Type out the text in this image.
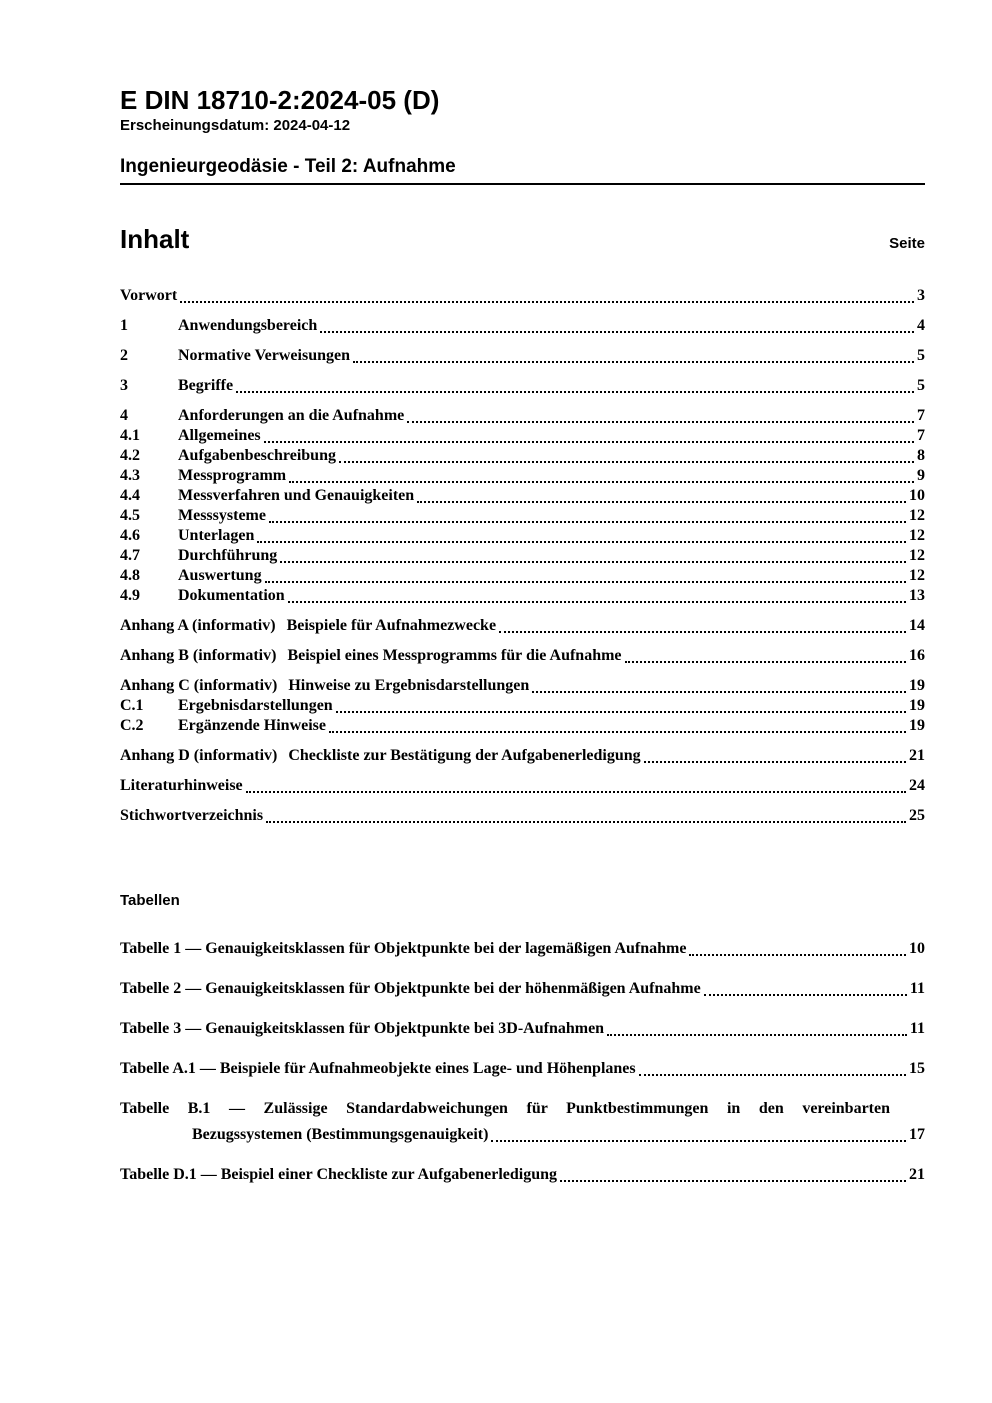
E DIN 18710-2:2024-05 (D)
Erscheinungsdatum: 2024-04-12
Ingenieurgeodäsie - Teil 2: Aufnahme
Inhalt	Seite
Vorwort	3
1	Anwendungsbereich	4
2	Normative Verweisungen	5
3	Begriffe	5
4	Anforderungen an die Aufnahme	7
4.1	Allgemeines	7
4.2	Aufgabenbeschreibung	8
4.3	Messprogramm	9
4.4	Messverfahren und Genauigkeiten	10
4.5	Messsysteme	12
4.6	Unterlagen	12
4.7	Durchführung	12
4.8	Auswertung	12
4.9	Dokumentation	13
Anhang A (informativ) Beispiele für Aufnahmezwecke	14
Anhang B (informativ) Beispiel eines Messprogramms für die Aufnahme	16
Anhang C (informativ) Hinweise zu Ergebnisdarstellungen	19
C.1	Ergebnisdarstellungen	19
C.2	Ergänzende Hinweise	19
Anhang D (informativ) Checkliste zur Bestätigung der Aufgabenerledigung	21
Literaturhinweise	24
Stichwortverzeichnis	25
Tabellen
Tabelle 1 — Genauigkeitsklassen für Objektpunkte bei der lagemäßigen Aufnahme	10
Tabelle 2 — Genauigkeitsklassen für Objektpunkte bei der höhenmäßigen Aufnahme	11
Tabelle 3 — Genauigkeitsklassen für Objektpunkte bei 3D-Aufnahmen	11
Tabelle A.1 — Beispiele für Aufnahmeobjekte eines Lage- und Höhenplanes	15
Tabelle B.1 — Zulässige Standardabweichungen für Punktbestimmungen in den vereinbarten
Bezugssystemen (Bestimmungsgenauigkeit)	17
Tabelle D.1 — Beispiel einer Checkliste zur Aufgabenerledigung	21
